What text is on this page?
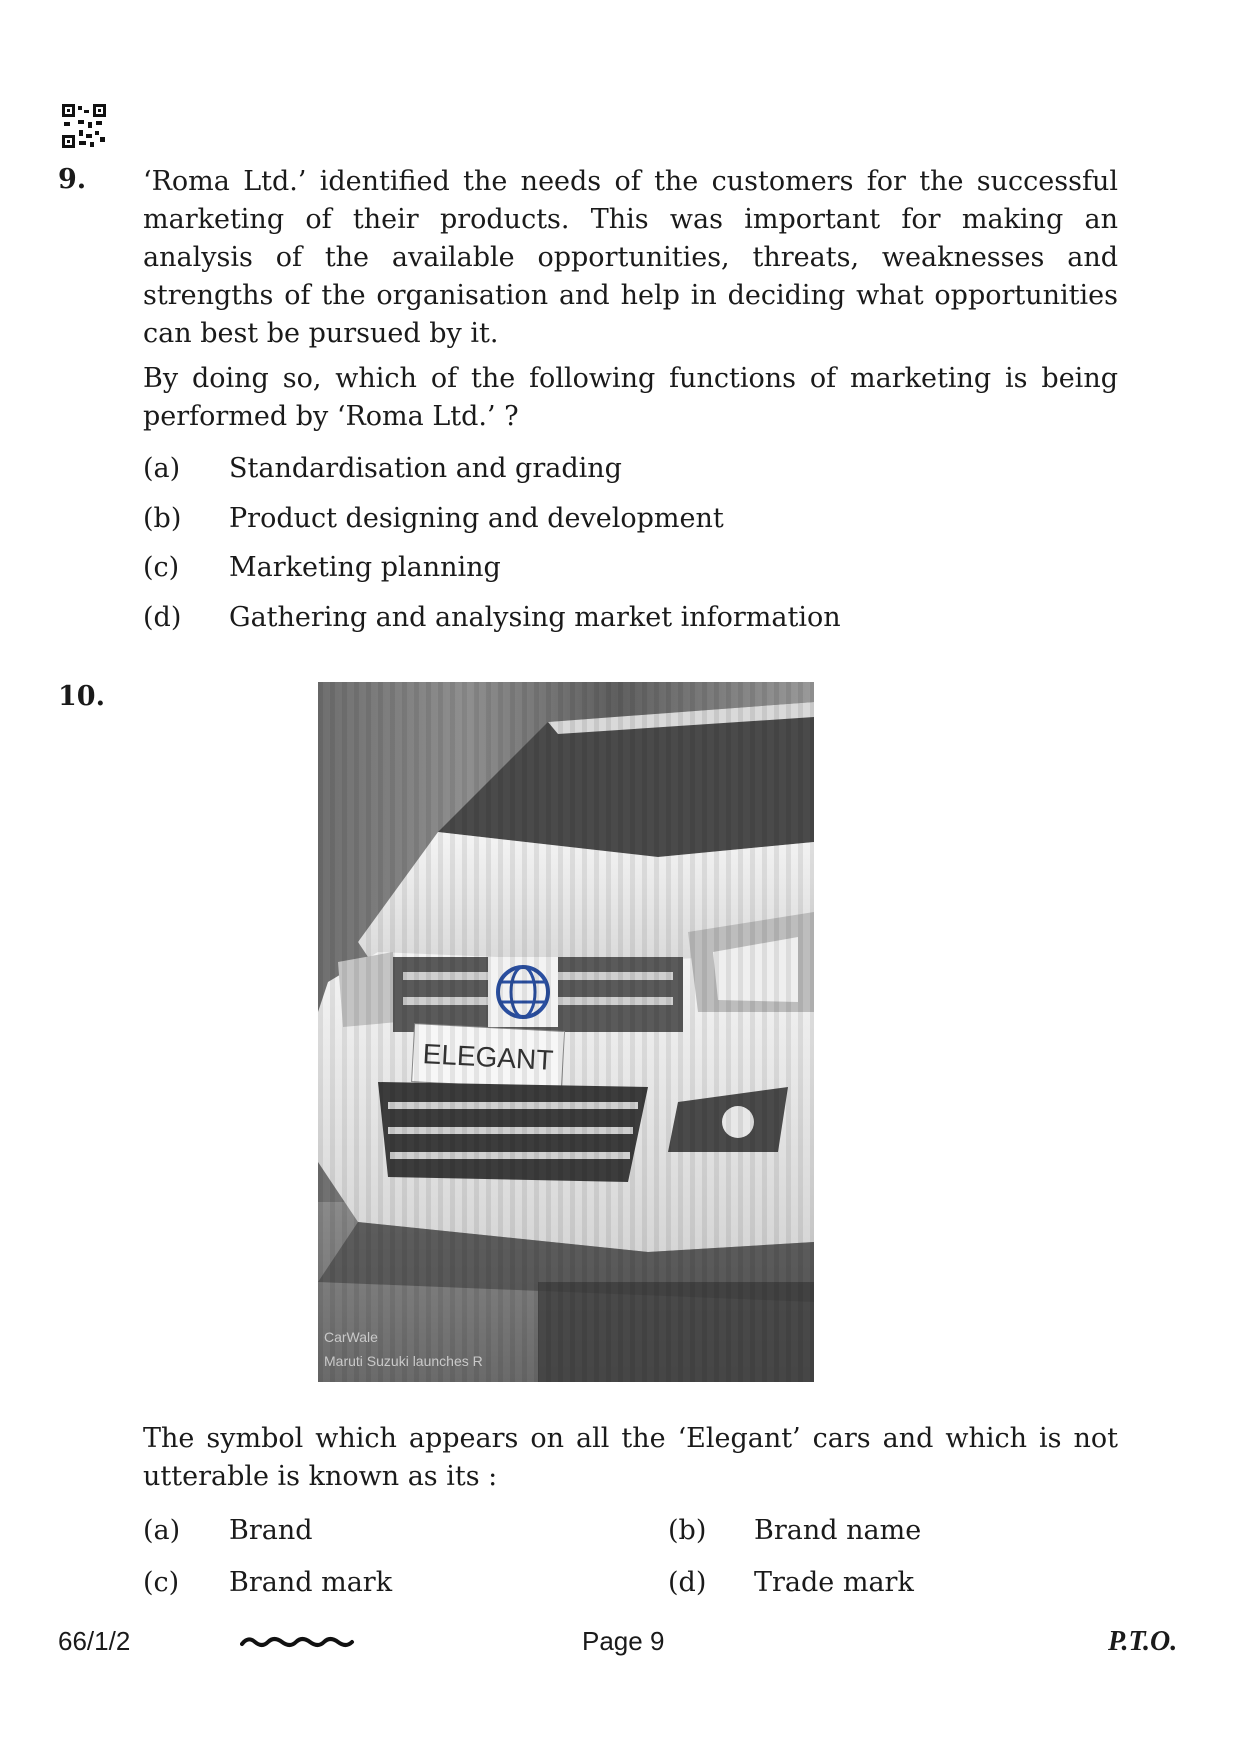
9. ‘Roma Ltd.’ identified the needs of the customers for the successful marketing of their products. This was important for making an analysis of the available opportunities, threats, weaknesses and strengths of the organisation and help in deciding what opportunities can best be pursued by it.

By doing so, which of the following functions of marketing is being performed by ‘Roma Ltd.’ ?

(a) Standardisation and grading
(b) Product designing and development
(c) Marketing planning
(d) Gathering and analysing market information
10.
CarWale
Maruti Suzuki launches R

The symbol which appears on all the ‘Elegant’ cars and which is not utterable is known as its :

(a) Brand	(b) Brand name
(c) Brand mark	(d) Trade mark
66/1/2	Page 9	P.T.O.
